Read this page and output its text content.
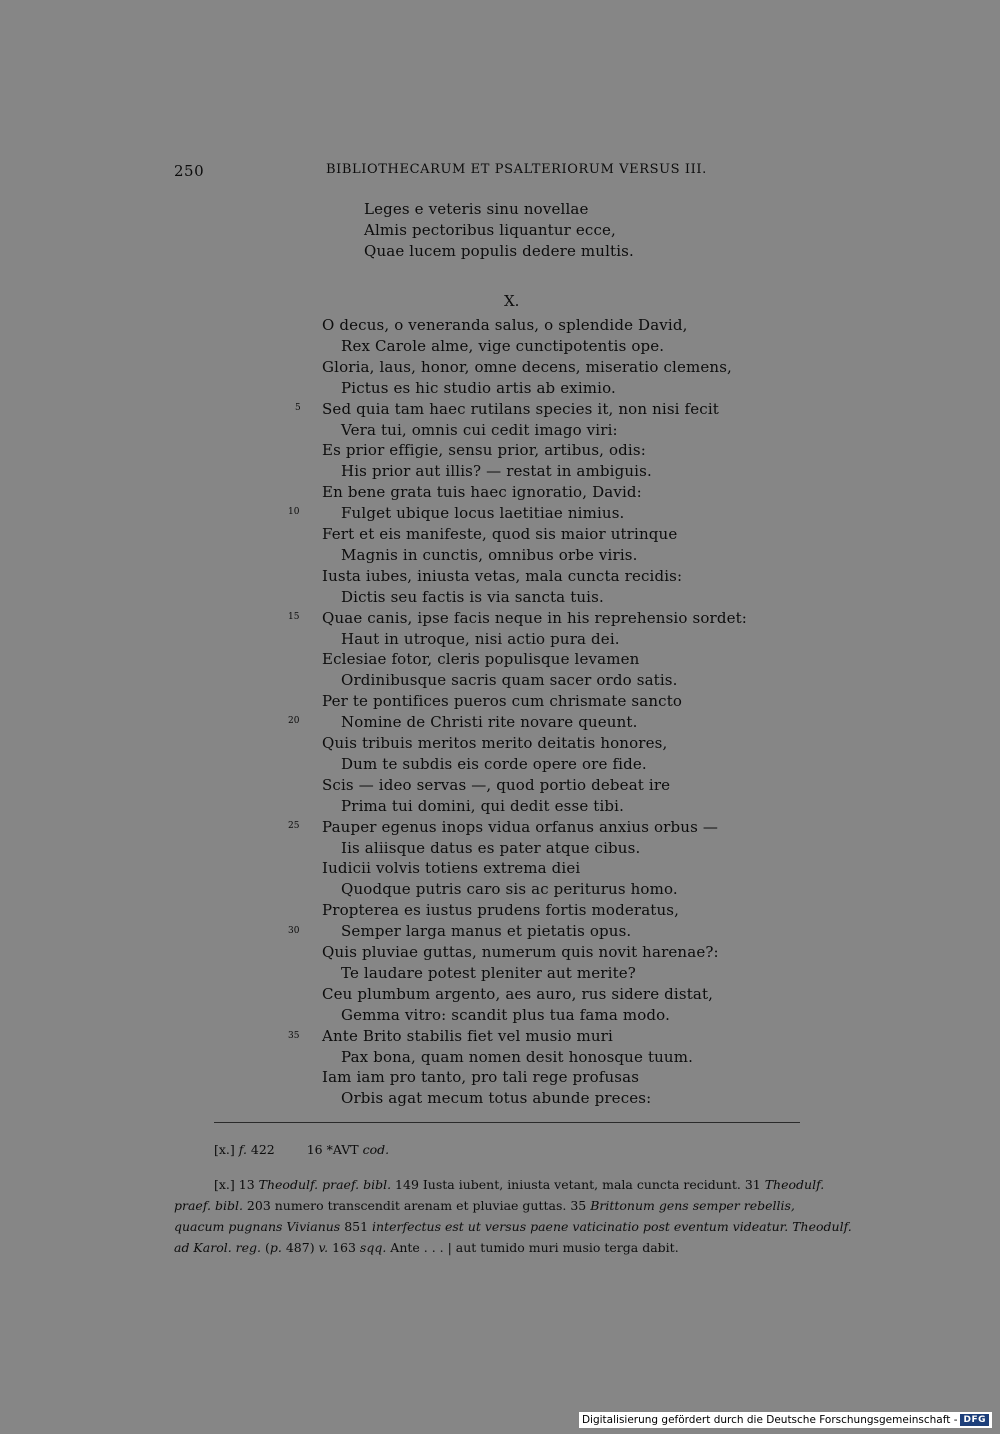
250	BIBLIOTHECARUM ET PSALTERIORUM VERSUS III.
Leges e veteris sinu novellae
Almis pectoribus liquantur ecce,
Quae lucem populis dedere multis.
X.
O decus, o veneranda salus, o splendide David,
Rex Carole alme, vige cunctipotentis ope.
Gloria, laus, honor, omne decens, miseratio clemens,
Pictus es hic studio artis ab eximio.
Sed quia tam haec rutilans species it, non nisi fecit
Vera tui, omnis cui cedit imago viri:
Es prior effigie, sensu prior, artibus, odis:
His prior aut illis? — restat in ambiguis.
En bene grata tuis haec ignoratio, David:
Fulget ubique locus laetitiae nimius.
Fert et eis manifeste, quod sis maior utrinque
Magnis in cunctis, omnibus orbe viris.
Iusta iubes, iniusta vetas, mala cuncta recidis:
Dictis seu factis is via sancta tuis.
Quae canis, ipse facis neque in his reprehensio sordet:
Haut in utroque, nisi actio pura dei.
Eclesiae fotor, cleris populisque levamen
Ordinibusque sacris quam sacer ordo satis.
Per te pontifices pueros cum chrismate sancto
Nomine de Christi rite novare queunt.
Quis tribuis meritos merito deitatis honores,
Dum te subdis eis corde opere ore fide.
Scis — ideo servas —, quod portio debeat ire
Prima tui domini, qui dedit esse tibi.
Pauper egenus inops vidua orfanus anxius orbus —
Iis aliisque datus es pater atque cibus.
Iudicii volvis totiens extrema diei
Quodque putris caro sis ac periturus homo.
Propterea es iustus prudens fortis moderatus,
Semper larga manus et pietatis opus.
Quis pluviae guttas, numerum quis novit harenae?:
Te laudare potest pleniter aut merite?
Ceu plumbum argento, aes auro, rus sidere distat,
Gemma vitro: scandit plus tua fama modo.
Ante Brito stabilis fiet vel musio muri
Pax bona, quam nomen desit honosque tuum.
Iam iam pro tanto, pro tali rege profusas
Orbis agat mecum totus abunde preces:
5
10
15
20
25
30
35
[x.] f. 422	16 *AVT cod.

[x.] 13 Theodulf. praef. bibl. 149 Iusta iubent, iniusta vetant, mala cuncta recidunt. 31 Theodulf.

praef. bibl. 203 numero transcendit arenam et pluviae guttas. 35 Brittonum gens semper rebellis,

quacum pugnans Vivianus 851 interfectus est ut versus paene vaticinatio post eventum videatur. Theodulf.

ad Karol. reg. (p. 487) v. 163 sqq. Ante . . . | aut tumido muri musio terga dabit.

Digitalisierung gefördert durch die Deutsche Forschungsgemeinschaft - DFG
